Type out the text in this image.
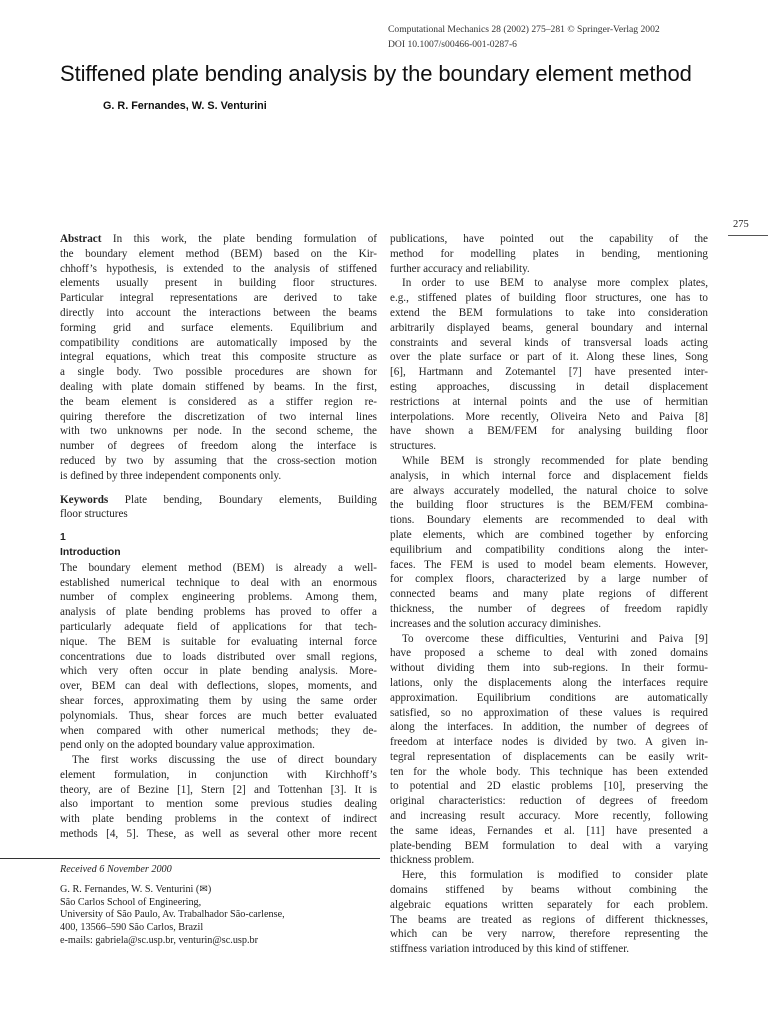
Computational Mechanics 28 (2002) 275–281 © Springer-Verlag 2002
DOI 10.1007/s00466-001-0287-6
Stiffened plate bending analysis by the boundary element method
G. R. Fernandes, W. S. Venturini
275
Abstract In this work, the plate bending formulation of
the boundary element method (BEM) based on the Kir-
chhoff’s hypothesis, is extended to the analysis of stiffened
elements usually present in building floor structures.
Particular integral representations are derived to take
directly into account the interactions between the beams
forming grid and surface elements. Equilibrium and
compatibility conditions are automatically imposed by the
integral equations, which treat this composite structure as
a single body. Two possible procedures are shown for
dealing with plate domain stiffened by beams. In the first,
the beam element is considered as a stiffer region re-
quiring therefore the discretization of two internal lines
with two unknowns per node. In the second scheme, the
number of degrees of freedom along the interface is
reduced by two by assuming that the cross-section motion
is defined by three independent components only.
Keywords Plate bending, Boundary elements, Building
floor structures
1
Introduction
The boundary element method (BEM) is already a well-
established numerical technique to deal with an enormous
number of complex engineering problems. Among them,
analysis of plate bending problems has proved to offer a
particularly adequate field of applications for that tech-
nique. The BEM is suitable for evaluating internal force
concentrations due to loads distributed over small regions,
which very often occur in plate bending analysis. More-
over, BEM can deal with deflections, slopes, moments, and
shear forces, approximating them by using the same order
polynomials. Thus, shear forces are much better evaluated
when compared with other numerical methods; they de-
pend only on the adopted boundary value approximation.
The first works discussing the use of direct boundary
element formulation, in conjunction with Kirchhoff’s
theory, are of Bezine [1], Stern [2] and Tottenhan [3]. It is
also important to mention some previous studies dealing
with plate bending problems in the context of indirect
methods [4, 5]. These, as well as several other more recent
publications, have pointed out the capability of the
method for modelling plates in bending, mentioning
further accuracy and reliability.
In order to use BEM to analyse more complex plates,
e.g., stiffened plates of building floor structures, one has to
extend the BEM formulations to take into consideration
arbitrarily displayed beams, general boundary and internal
constraints and several kinds of transversal loads acting
over the plate surface or part of it. Along these lines, Song
[6], Hartmann and Zotemantel [7] have presented inter-
esting approaches, discussing in detail displacement
restrictions at internal points and the use of hermitian
interpolations. More recently, Oliveira Neto and Paiva [8]
have shown a BEM/FEM for analysing building floor
structures.
While BEM is strongly recommended for plate bending
analysis, in which internal force and displacement fields
are always accurately modelled, the natural choice to solve
the building floor structures is the BEM/FEM combina-
tions. Boundary elements are recommended to deal with
plate elements, which are combined together by enforcing
equilibrium and compatibility conditions along the inter-
faces. The FEM is used to model beam elements. However,
for complex floors, characterized by a large number of
connected beams and many plate regions of different
thickness, the number of degrees of freedom rapidly
increases and the solution accuracy diminishes.
To overcome these difficulties, Venturini and Paiva [9]
have proposed a scheme to deal with zoned domains
without dividing them into sub-regions. In their formu-
lations, only the displacements along the interfaces require
approximation. Equilibrium conditions are automatically
satisfied, so no approximation of these values is required
along the interfaces. In addition, the number of degrees of
freedom at interface nodes is divided by two. A given in-
tegral representation of displacements can be easily writ-
ten for the whole body. This technique has been extended
to potential and 2D elastic problems [10], preserving the
original characteristics: reduction of degrees of freedom
and increasing result accuracy. More recently, following
the same ideas, Fernandes et al. [11] have presented a
plate-bending BEM formulation to deal with a varying
thickness problem.
Here, this formulation is modified to consider plate
domains stiffened by beams without combining the
algebraic equations written separately for each problem.
The beams are treated as regions of different thicknesses,
which can be very narrow, therefore representing the
stiffness variation introduced by this kind of stiffener.
Received 6 November 2000
G. R. Fernandes, W. S. Venturini (✉)
São Carlos School of Engineering,
University of São Paulo, Av. Trabalhador São-carlense,
400, 13566–590 São Carlos, Brazil
e-mails: gabriela@sc.usp.br, venturin@sc.usp.br
